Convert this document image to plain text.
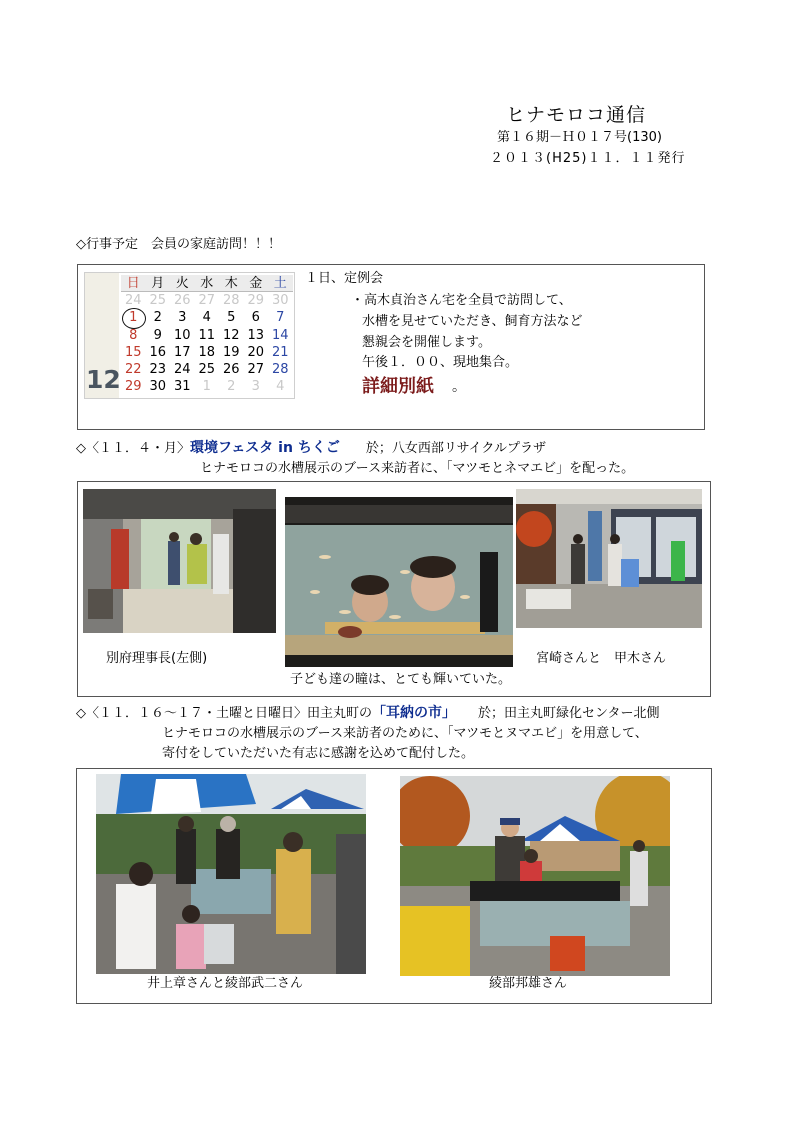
ヒナモロコ通信
第１６期－Ｈ０１７号(130)
２０１３(H25)１１．１１発行
◇行事予定　会員の家庭訪問！！！
12
日 月 火 水 木 金 土
24 25 26 27 28 29 30
1	2	3	4	5	6	7
8	9 10 11 12 13 14
15 16 17 18 19 20 21
22 23 24 25 26 27 28
29 30 31 1	2	3	4
１日、定例会
・高木貞治さん宅を全員で訪問して、
水槽を見せていただき、飼育方法など
懇親会を開催します。
午後１．００、現地集合。
詳細別紙 。
◇〈１１．４・月〉環境フェスタ in ちくご 於；八女西部リサイクルプラザ
ヒナモロコの水槽展示のブース来訪者に、「マツモとネマエビ」を配った。
別府理事長(左側)	宮崎さんと　甲木さん
子ども達の瞳は、とても輝いていた。
◇〈１１．１６～１７・土曜と日曜日〉田主丸町の「耳納の市」 於；田主丸町緑化センター北側
ヒナモロコの水槽展示のブース来訪者のために、「マツモとヌマエビ」を用意して、
寄付をしていただいた有志に感謝を込めて配付した。
井上章さんと綾部武二さん	綾部邦雄さん
